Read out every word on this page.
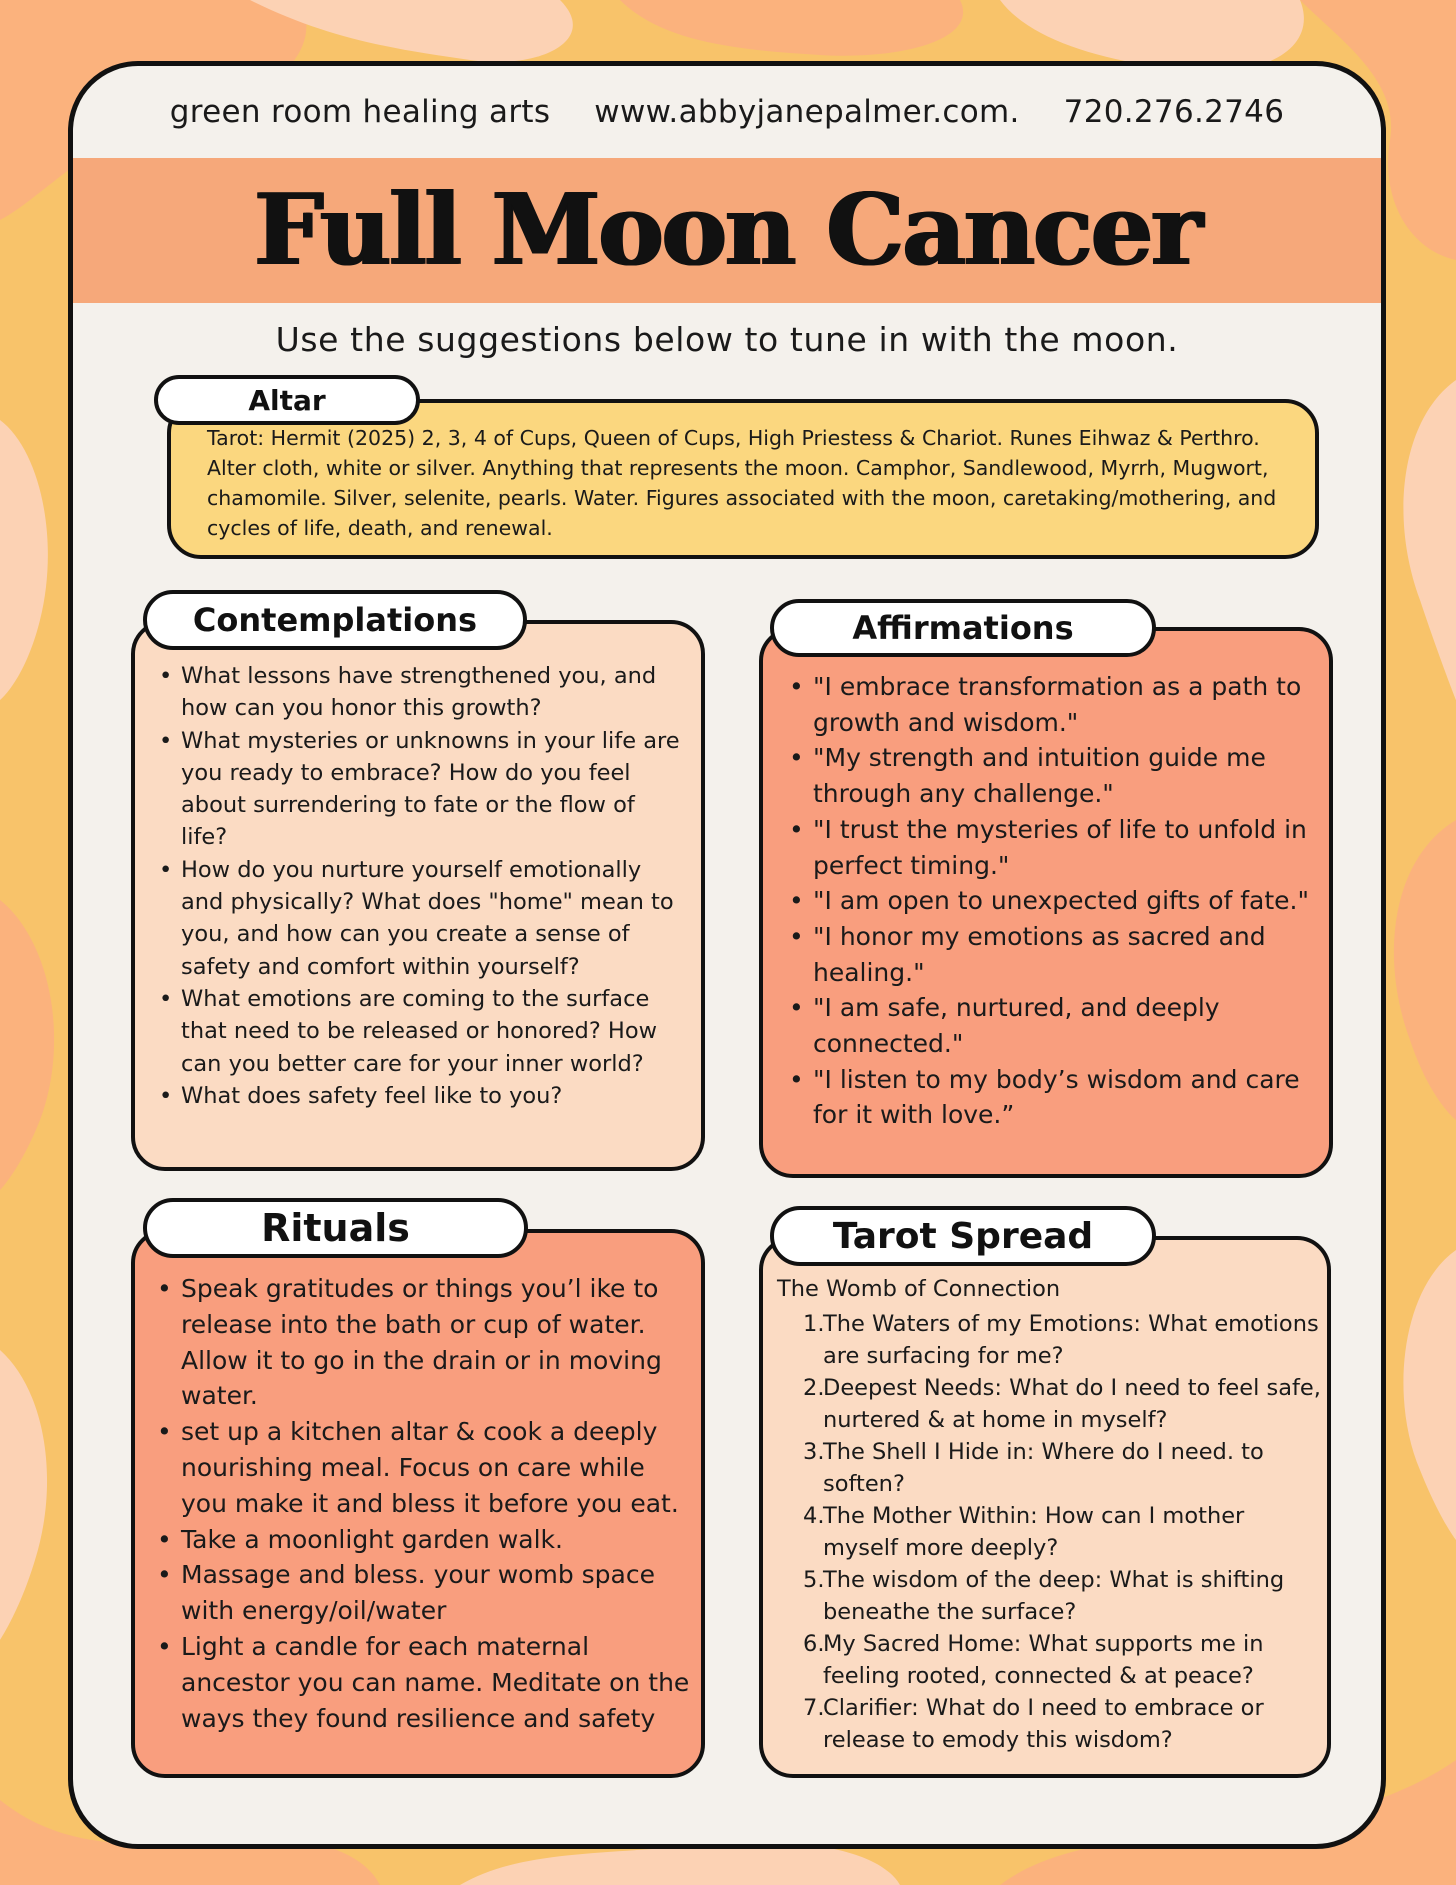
green room healing arts www.abbyjanepalmer.com. 720.276.2746
Full Moon Cancer
Use the suggestions below to tune in with the moon.
Tarot: Hermit (2025) 2, 3, 4 of Cups, Queen of Cups, High Priestess & Chariot. Runes Eihwaz & Perthro. Alter cloth, white or silver. Anything that represents the moon. Camphor, Sandlewood, Myrrh, Mugwort, chamomile. Silver, selenite, pearls. Water. Figures associated with the moon, caretaking/mothering, and cycles of life, death, and renewal.
Altar
• What lessons have strengthened you, and how can you honor this growth?
• What mysteries or unknowns in your life are you ready to embrace? How do you feel about surrendering to fate or the flow of life?
• How do you nurture yourself emotionally and physically? What does "home" mean to you, and how can you create a sense of safety and comfort within yourself?
• What emotions are coming to the surface that need to be released or honored? How can you better care for your inner world?
• What does safety feel like to you?
Contemplations
• "I embrace transformation as a path to growth and wisdom."
• "My strength and intuition guide me through any challenge."
• "I trust the mysteries of life to unfold in perfect timing."
• "I am open to unexpected gifts of fate."
• "I honor my emotions as sacred and healing."
• "I am safe, nurtured, and deeply connected."
• "I listen to my body’s wisdom and care for it with love.”
Affirmations
• Speak gratitudes or things you’l ike to release into the bath or cup of water. Allow it to go in the drain or in moving water.
• set up a kitchen altar & cook a deeply nourishing meal. Focus on care while you make it and bless it before you eat.
• Take a moonlight garden walk.
• Massage and bless. your womb space with energy/oil/water
• Light a candle for each maternal ancestor you can name. Meditate on the ways they found resilience and safety
Rituals
The Womb of Connection
1.
The Waters of my Emotions: What emotions are surfacing for me?
2.
Deepest Needs: What do I need to feel safe, nurtered & at home in myself?
3.
The Shell I Hide in: Where do I need. to soften?
4.
The Mother Within: How can I mother myself more deeply?
5.
The wisdom of the deep: What is shifting beneathe the surface?
6.
My Sacred Home: What supports me in feeling rooted, connected & at peace?
7.
Clarifier: What do I need to embrace or release to emody this wisdom?
Tarot Spread
